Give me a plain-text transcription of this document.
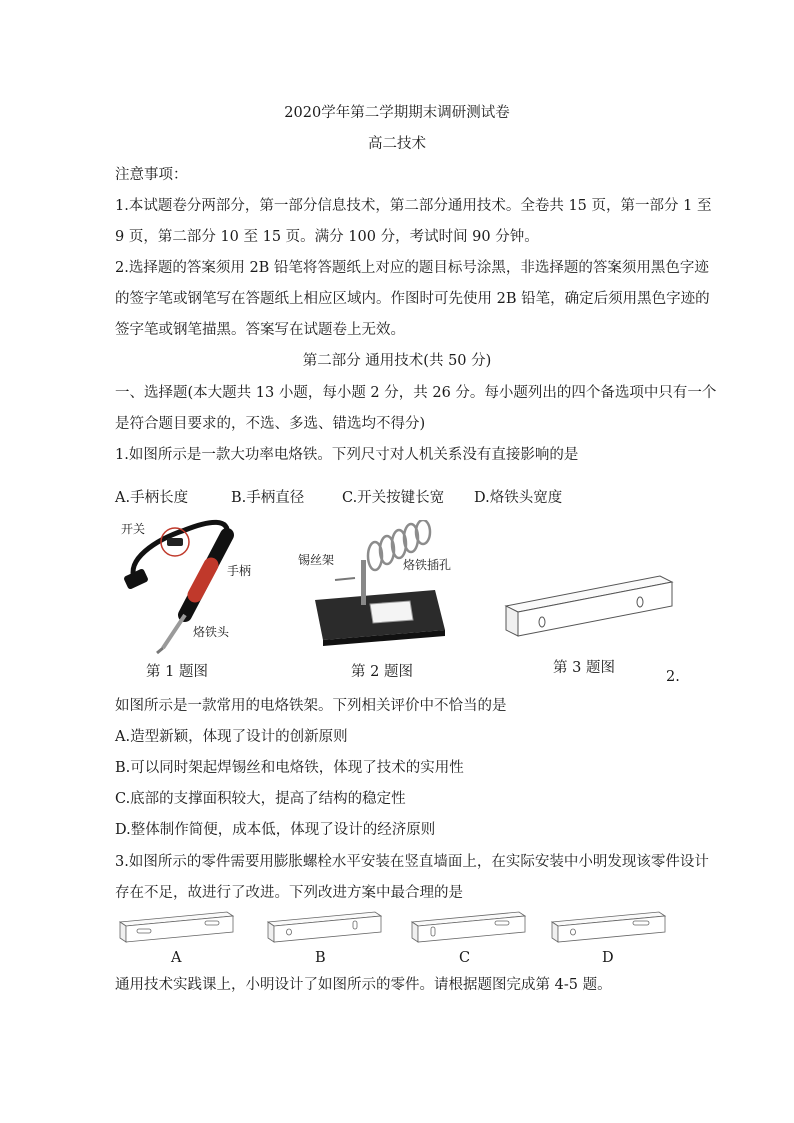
2020学年第二学期期末调研测试卷
高二技术
注意事项：
1.本试题卷分两部分，第一部分信息技术，第二部分通用技术。全卷共 15 页，第一部分 1 至
9 页，第二部分 10 至 15 页。满分 100 分，考试时间 90 分钟。
2.选择题的答案须用 2B 铅笔将答题纸上对应的题目标号涂黑，非选择题的答案须用黑色字迹
的签字笔或钢笔写在答题纸上相应区域内。作图时可先使用 2B 铅笔，确定后须用黑色字迹的
签字笔或钢笔描黑。答案写在试题卷上无效。
第二部分 通用技术(共 50 分)
一、选择题(本大题共 13 小题，每小题 2 分，共 26 分。每小题列出的四个备选项中只有一个
是符合题目要求的，不选、多选、错选均不得分)
1.如图所示是一款大功率电烙铁。下列尺寸对人机关系没有直接影响的是
A.手柄长度	B.手柄直径	C.开关按键长宽 D.烙铁头宽度
开关
手柄
烙铁头
第 1 题图
锡丝架	烙铁插孔
第 2 题图	第 3 题图
2.
如图所示是一款常用的电烙铁架。下列相关评价中不恰当的是
A.造型新颖，体现了设计的创新原则
B.可以同时架起焊锡丝和电烙铁，体现了技术的实用性
C.底部的支撑面积较大，提高了结构的稳定性
D.整体制作简便，成本低，体现了设计的经济原则
3.如图所示的零件需要用膨胀螺栓水平安装在竖直墙面上，在实际安装中小明发现该零件设计
存在不足，故进行了改进。下列改进方案中最合理的是
A	B	C	D
通用技术实践课上，小明设计了如图所示的零件。请根据题图完成第 4-5 题。
